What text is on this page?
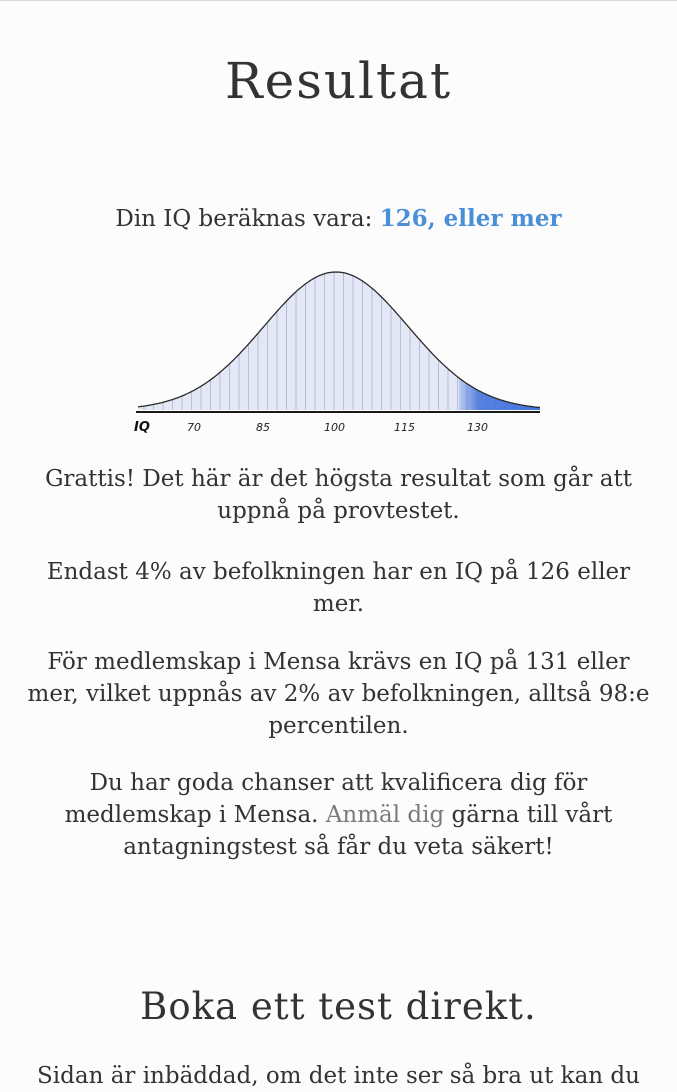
Resultat
Din IQ beräknas vara: 126, eller mer
IQ	70	85	100	115	130

Grattis! Det här är det högsta resultat som går att uppnå på provtestet.

Endast 4% av befolkningen har en IQ på 126 eller mer.

För medlemskap i Mensa krävs en IQ på 131 eller mer, vilket uppnås av 2% av befolkningen, alltså 98:e percentilen.

Du har goda chanser att kvalificera dig för medlemskap i Mensa. Anmäl dig gärna till vårt antagningstest så får du veta säkert!

Boka ett test direkt.
Sidan är inbäddad, om det inte ser så bra ut kan du
